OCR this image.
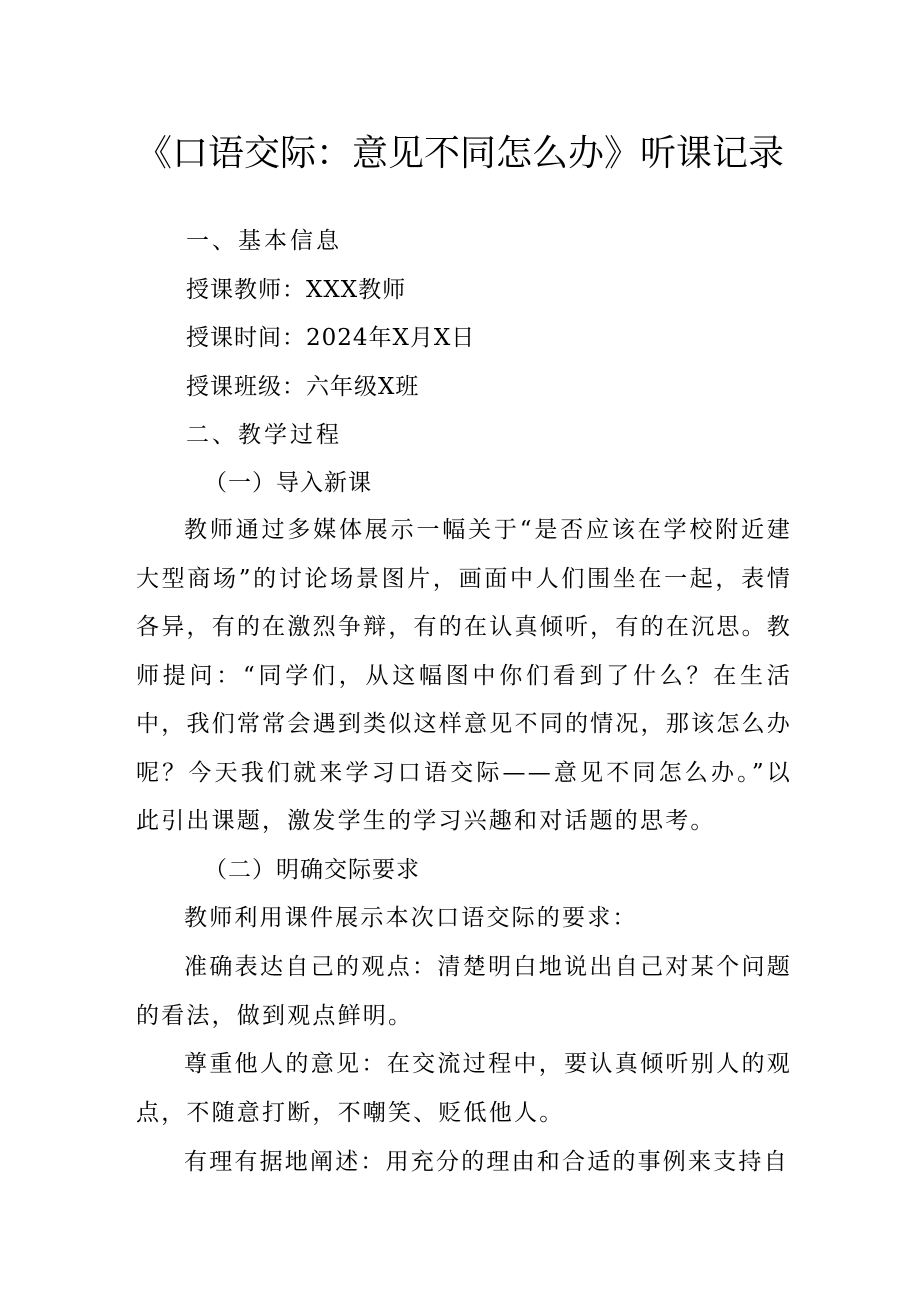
《口语交际：意见不同怎么办》听课记录

一、基本信息

授课教师：XXX教师

授课时间：2024年X月X日

授课班级：六年级X班

二、教学过程

（一）导入新课

教师通过多媒体展示一幅关于“是否应该在学校附近建大型商场”的讨论场景图片，画面中人们围坐在一起，表情各异，有的在激烈争辩，有的在认真倾听，有的在沉思。教师提问：“同学们，从这幅图中你们看到了什么？在生活中，我们常常会遇到类似这样意见不同的情况，那该怎么办呢？今天我们就来学习口语交际——意见不同怎么办。”以此引出课题，激发学生的学习兴趣和对话题的思考。

（二）明确交际要求

教师利用课件展示本次口语交际的要求：

准确表达自己的观点：清楚明白地说出自己对某个问题的看法，做到观点鲜明。

尊重他人的意见：在交流过程中，要认真倾听别人的观点，不随意打断，不嘲笑、贬低他人。

有理有据地阐述：用充分的理由和合适的事例来支持自
